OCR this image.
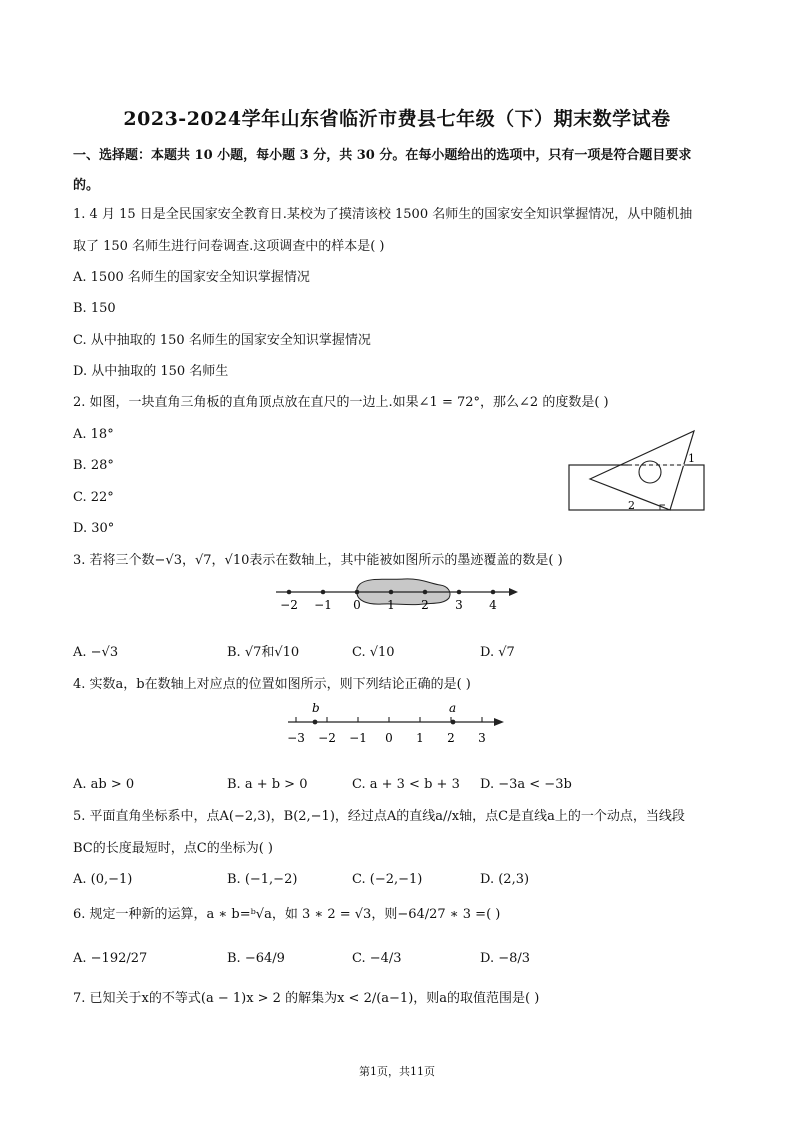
2023-2024学年山东省临沂市费县七年级（下）期末数学试卷
一、选择题：本题共 10 小题，每小题 3 分，共 30 分。在每小题给出的选项中，只有一项是符合题目要求
的。
1. 4 月 15 日是全民国家安全教育日.某校为了摸清该校 1500 名师生的国家安全知识掌握情况，从中随机抽
取了 150 名师生进行问卷调查.这项调查中的样本是( )
A. 1500 名师生的国家安全知识掌握情况
B. 150
C. 从中抽取的 150 名师生的国家安全知识掌握情况
D. 从中抽取的 150 名师生
2. 如图，一块直角三角板的直角顶点放在直尺的一边上.如果∠1 = 72°，那么∠2 的度数是( )
A. 18°
B. 28°
C. 22°
D. 30°
1
2
3. 若将三个数−√3，√7，√10表示在数轴上，其中能被如图所示的墨迹覆盖的数是( )
−2 −1 0 1 2 3 4
A. −√3	B. √7和√10	C. √10	D. √7
4. 实数a，b在数轴上对应点的位置如图所示，则下列结论正确的是( )
−3 −2 −1 0 1 2 3
b	a
A. ab > 0	B. a + b > 0	C. a + 3 < b + 3 D. −3a < −3b
5. 平面直角坐标系中，点A(−2,3)，B(2,−1)，经过点A的直线a//x轴，点C是直线a上的一个动点，当线段
BC的长度最短时，点C的坐标为( )
A. (0,−1)	B. (−1,−2)	C. (−2,−1)	D. (2,3)
6. 规定一种新的运算，a ∗ b=ᵇ√a，如 3 ∗ 2 = √3，则−64/27 ∗ 3 =( )
A. −192/27	B. −64/9	C. −4/3	D. −8/3
7. 已知关于x的不等式(a − 1)x > 2 的解集为x < 2/(a−1)，则a的取值范围是( )
第1页，共11页
